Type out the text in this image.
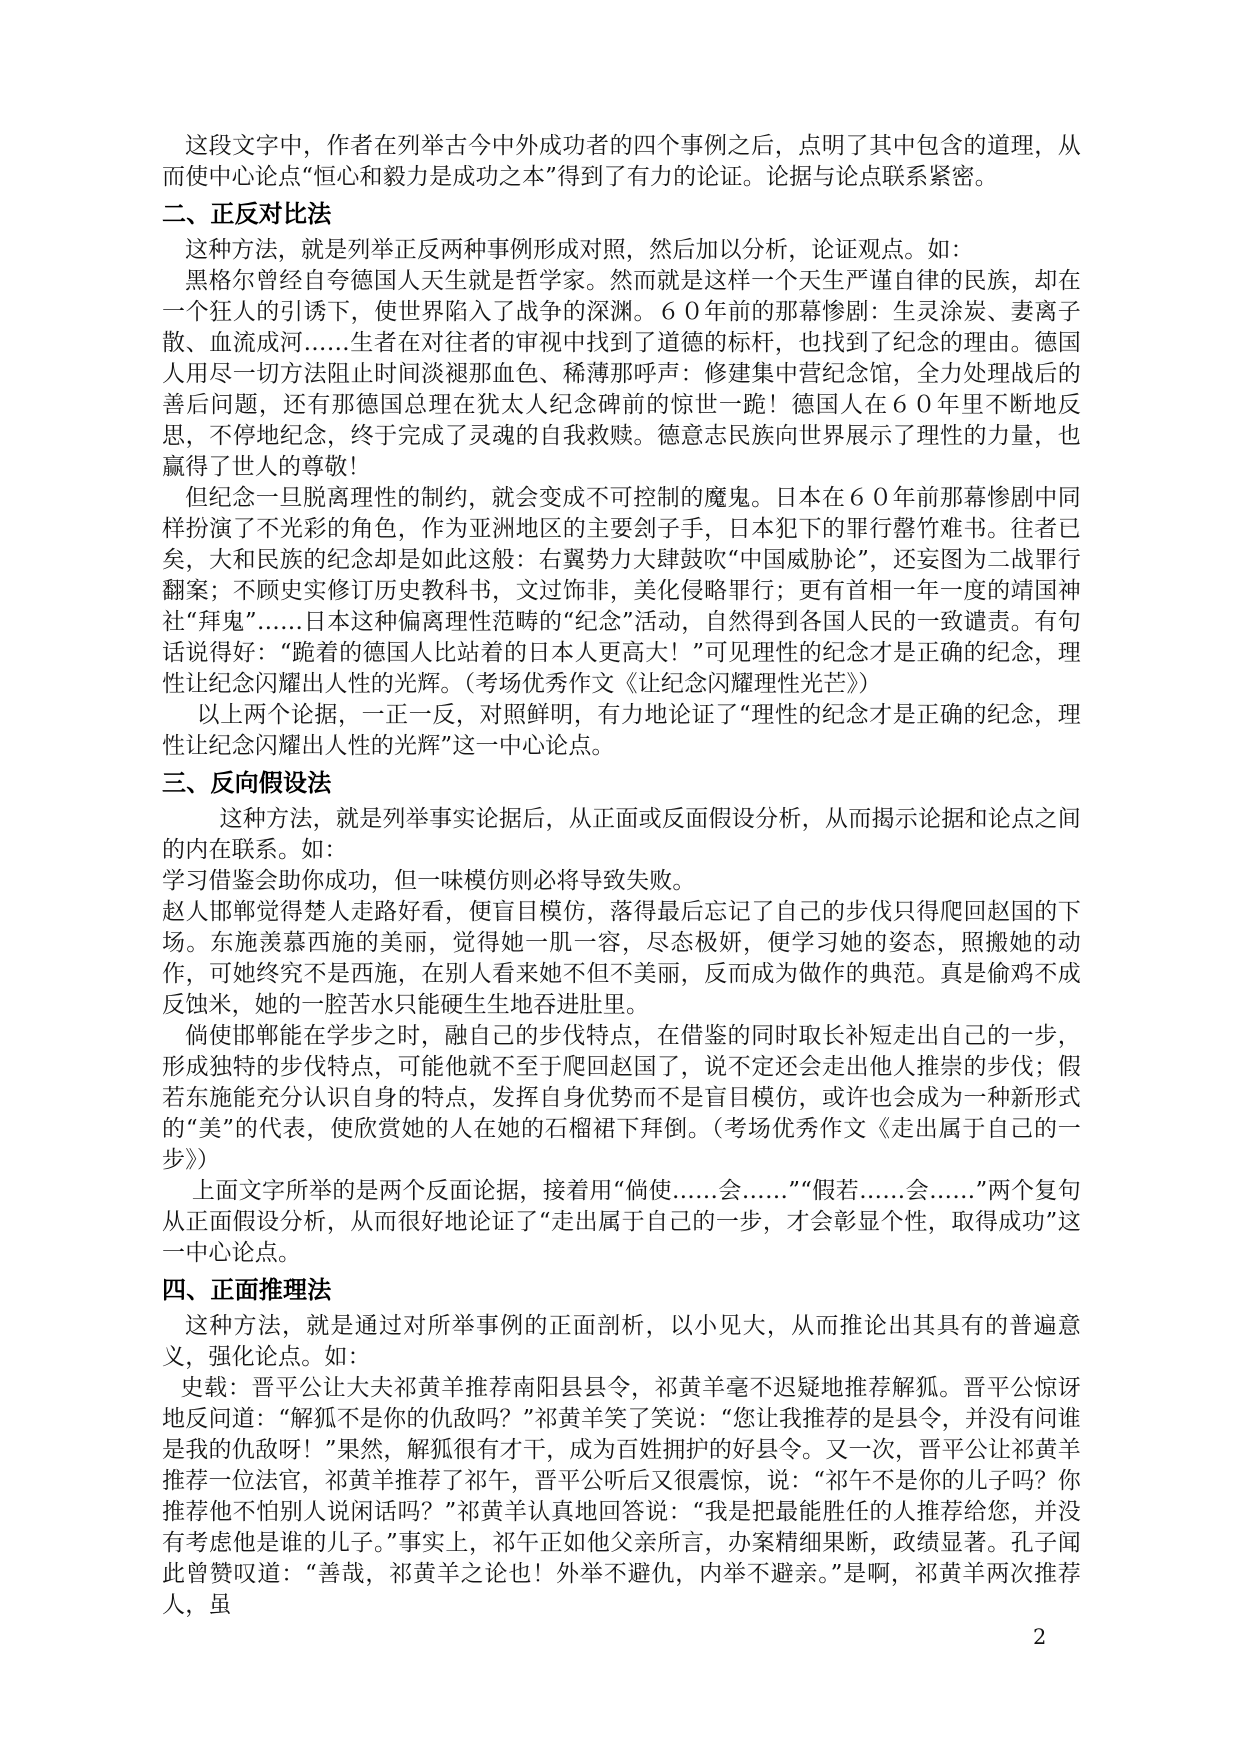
这段文字中，作者在列举古今中外成功者的四个事例之后，点明了其中包含的道理，从而使中心论点“恒心和毅力是成功之本”得到了有力的论证。论据与论点联系紧密。

二、正反对比法

这种方法，就是列举正反两种事例形成对照，然后加以分析，论证观点。如：

黑格尔曾经自夸德国人天生就是哲学家。然而就是这样一个天生严谨自律的民族，却在一个狂人的引诱下，使世界陷入了战争的深渊。６０年前的那幕惨剧：生灵涂炭、妻离子散、血流成河……生者在对往者的审视中找到了道德的标杆，也找到了纪念的理由。德国人用尽一切方法阻止时间淡褪那血色、稀薄那呼声：修建集中营纪念馆，全力处理战后的善后问题，还有那德国总理在犹太人纪念碑前的惊世一跪！德国人在６０年里不断地反思，不停地纪念，终于完成了灵魂的自我救赎。德意志民族向世界展示了理性的力量，也赢得了世人的尊敬！

但纪念一旦脱离理性的制约，就会变成不可控制的魔鬼。日本在６０年前那幕惨剧中同样扮演了不光彩的角色，作为亚洲地区的主要刽子手，日本犯下的罪行罄竹难书。往者已矣，大和民族的纪念却是如此这般：右翼势力大肆鼓吹“中国威胁论”，还妄图为二战罪行翻案；不顾史实修订历史教科书，文过饰非，美化侵略罪行；更有首相一年一度的靖国神社“拜鬼”……日本这种偏离理性范畴的“纪念”活动，自然得到各国人民的一致谴责。有句话说得好：“跪着的德国人比站着的日本人更高大！”可见理性的纪念才是正确的纪念，理性让纪念闪耀出人性的光辉。（考场优秀作文《让纪念闪耀理性光芒》）

以上两个论据，一正一反，对照鲜明，有力地论证了“理性的纪念才是正确的纪念，理性让纪念闪耀出人性的光辉”这一中心论点。

三、反向假设法

这种方法，就是列举事实论据后，从正面或反面假设分析，从而揭示论据和论点之间的内在联系。如：

学习借鉴会助你成功，但一味模仿则必将导致失败。

赵人邯郸觉得楚人走路好看，便盲目模仿，落得最后忘记了自己的步伐只得爬回赵国的下场。东施羡慕西施的美丽，觉得她一肌一容，尽态极妍，便学习她的姿态，照搬她的动作，可她终究不是西施，在别人看来她不但不美丽，反而成为做作的典范。真是偷鸡不成反蚀米，她的一腔苦水只能硬生生地吞进肚里。

倘使邯郸能在学步之时，融自己的步伐特点，在借鉴的同时取长补短走出自己的一步，形成独特的步伐特点，可能他就不至于爬回赵国了，说不定还会走出他人推崇的步伐；假若东施能充分认识自身的特点，发挥自身优势而不是盲目模仿，或许也会成为一种新形式的“美”的代表，使欣赏她的人在她的石榴裙下拜倒。（考场优秀作文《走出属于自己的一步》）

上面文字所举的是两个反面论据，接着用“倘使……会……”“假若……会……”两个复句从正面假设分析，从而很好地论证了“走出属于自己的一步，才会彰显个性，取得成功”这一中心论点。

四、正面推理法

这种方法，就是通过对所举事例的正面剖析，以小见大，从而推论出其具有的普遍意义，强化论点。如：

史载：晋平公让大夫祁黄羊推荐南阳县县令，祁黄羊毫不迟疑地推荐解狐。晋平公惊讶地反问道：“解狐不是你的仇敌吗？”祁黄羊笑了笑说：“您让我推荐的是县令，并没有问谁是我的仇敌呀！”果然，解狐很有才干，成为百姓拥护的好县令。又一次，晋平公让祁黄羊推荐一位法官，祁黄羊推荐了祁午，晋平公听后又很震惊，说：“祁午不是你的儿子吗？你推荐他不怕别人说闲话吗？”祁黄羊认真地回答说：“我是把最能胜任的人推荐给您，并没有考虑他是谁的儿子。”事实上，祁午正如他父亲所言，办案精细果断，政绩显著。孔子闻此曾赞叹道：“善哉，祁黄羊之论也！外举不避仇，内举不避亲。”是啊，祁黄羊两次推荐人，虽

2
